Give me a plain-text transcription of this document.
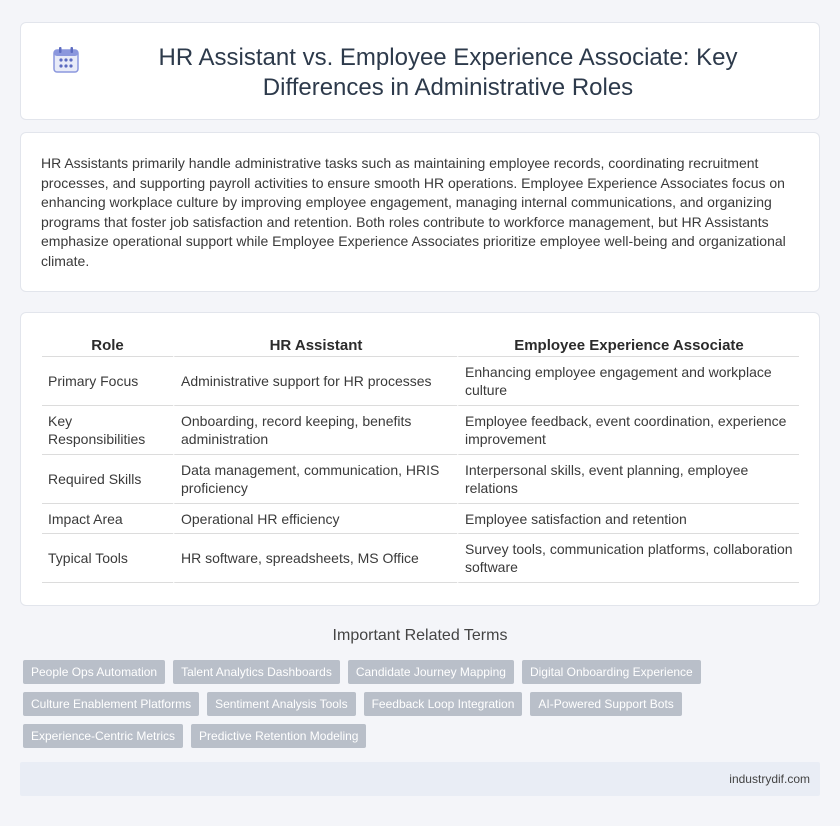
HR Assistant vs. Employee Experience Associate: Key Differences in Administrative Roles

HR Assistants primarily handle administrative tasks such as maintaining employee records, coordinating recruitment processes, and supporting payroll activities to ensure smooth HR operations. Employee Experience Associates focus on enhancing workplace culture by improving employee engagement, managing internal communications, and organizing programs that foster job satisfaction and retention. Both roles contribute to workforce management, but HR Assistants emphasize operational support while Employee Experience Associates prioritize employee well-being and organizational climate.

Role	HR Assistant	Employee Experience Associate
Primary Focus	Administrative support for HR processes	Enhancing employee engagement and workplace culture
Key Responsibilities	Onboarding, record keeping, benefits administration	Employee feedback, event coordination, experience improvement
Required Skills	Data management, communication, HRIS proficiency	Interpersonal skills, event planning, employee relations
Impact Area	Operational HR efficiency	Employee satisfaction and retention
Typical Tools	HR software, spreadsheets, MS Office	Survey tools, communication platforms, collaboration software
Important Related Terms
People Ops Automation	Talent Analytics Dashboards	Candidate Journey Mapping	Digital Onboarding Experience
Culture Enablement Platforms	Sentiment Analysis Tools	Feedback Loop Integration	AI-Powered Support Bots
Experience-Centric Metrics	Predictive Retention Modeling
industrydif.com
